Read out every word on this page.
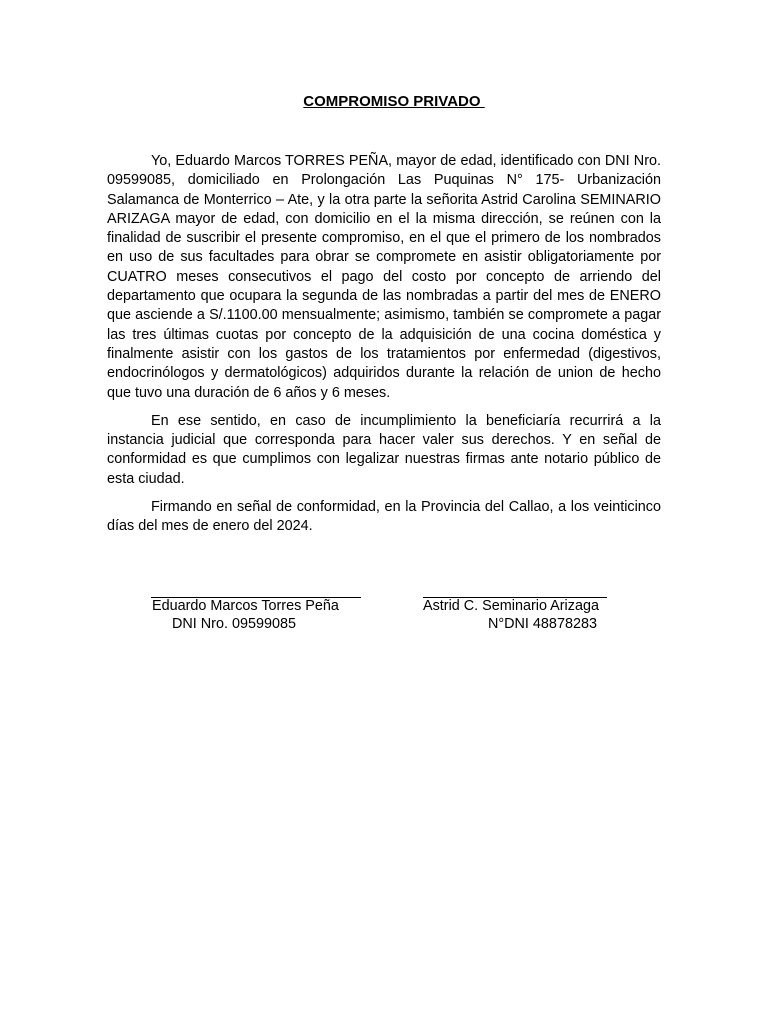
COMPROMISO PRIVADO

Yo, Eduardo Marcos TORRES PEÑA, mayor de edad, identificado con DNI Nro. 09599085, domiciliado en Prolongación Las Puquinas N° 175- Urbanización Salamanca de Monterrico – Ate, y la otra parte la señorita Astrid Carolina SEMINARIO ARIZAGA mayor de edad, con domicilio en el la misma dirección, se reúnen con la finalidad de suscribir el presente compromiso, en el que el primero de los nombrados en uso de sus facultades para obrar se compromete en asistir obligatoriamente por CUATRO meses consecutivos el pago del costo por concepto de arriendo del departamento que ocupara la segunda de las nombradas a partir del mes de ENERO que asciende a S/.1100.00 mensualmente; asimismo, también se compromete a pagar las tres últimas cuotas por concepto de la adquisición de una cocina doméstica y finalmente asistir con los gastos de los tratamientos por enfermedad (digestivos, endocrinólogos y dermatológicos) adquiridos durante la relación de union de hecho que tuvo una duración de 6 años y 6 meses.

En ese sentido, en caso de incumplimiento la beneficiaría recurrirá a la instancia judicial que corresponda para hacer valer sus derechos. Y en señal de conformidad es que cumplimos con legalizar nuestras firmas ante notario público de esta ciudad.

Firmando en señal de conformidad, en la Provincia del Callao, a los veinticinco días del mes de enero del 2024.

Eduardo Marcos Torres Peña
DNI Nro. 09599085
Astrid C. Seminario Arizaga
N°DNI 48878283
